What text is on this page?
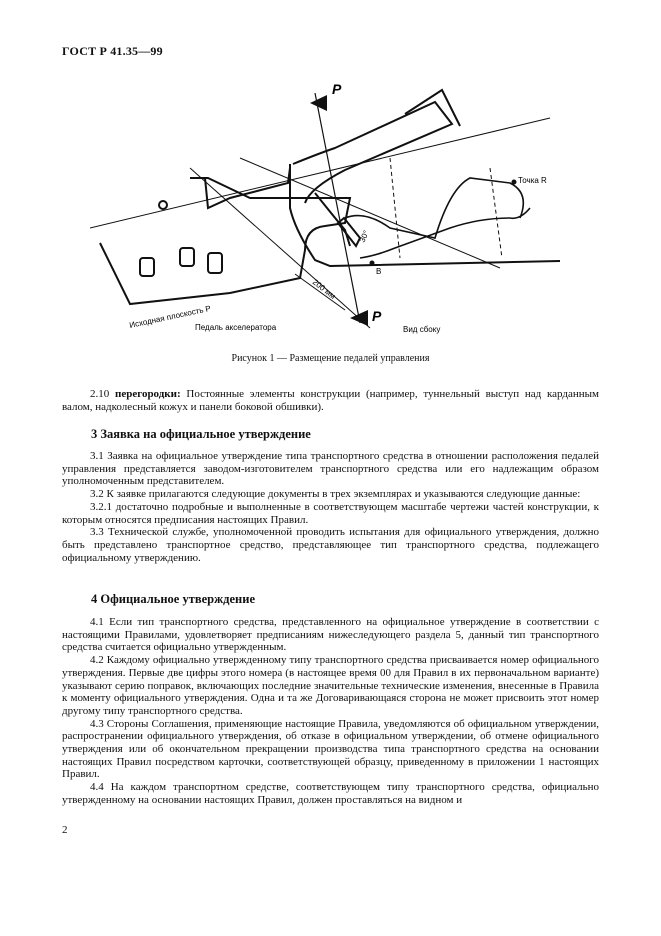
ГОСТ Р 41.35—99
P
P
Точка R
30°
B
200 мм
Исходная плоскость Р
Педаль акселератора	Вид сбоку
Рисунок 1 — Размещение педалей управления

2.10 перегородки: Постоянные элементы конструкции (например, туннельный выступ над карданным валом, надколесный кожух и панели боковой обшивки).

3 Заявка на официальное утверждение

3.1 Заявка на официальное утверждение типа транспортного средства в отношении расположения педалей управления представляется заводом-изготовителем транспортного средства или его надлежащим образом уполномоченным представителем.

3.2 К заявке прилагаются следующие документы в трех экземплярах и указываются следующие данные:

3.2.1 достаточно подробные и выполненные в соответствующем масштабе чертежи частей конструкции, к которым относятся предписания настоящих Правил.

3.3 Технической службе, уполномоченной проводить испытания для официального утверждения, должно быть представлено транспортное средство, представляющее тип транспортного средства, подлежащего официальному утверждению.

4 Официальное утверждение

4.1 Если тип транспортного средства, представленного на официальное утверждение в соответствии с настоящими Правилами, удовлетворяет предписаниям нижеследующего раздела 5, данный тип транспортного средства считается официально утвержденным.

4.2 Каждому официально утвержденному типу транспортного средства присваивается номер официального утверждения. Первые две цифры этого номера (в настоящее время 00 для Правил в их первоначальном варианте) указывают серию поправок, включающих последние значительные технические изменения, внесенные в Правила к моменту официального утверждения. Одна и та же Договаривающаяся сторона не может присвоить этот номер другому типу транспортного средства.

4.3 Стороны Соглашения, применяющие настоящие Правила, уведомляются об официальном утверждении, распространении официального утверждения, об отказе в официальном утверждении, об отмене официального утверждения или об окончательном прекращении производства типа транспортного средства на основании настоящих Правил посредством карточки, соответствующей образцу, приведенному в приложении 1 настоящих Правил.

4.4 На каждом транспортном средстве, соответствующем типу транспортного средства, официально утвержденному на основании настоящих Правил, должен проставляться на видном и

2
